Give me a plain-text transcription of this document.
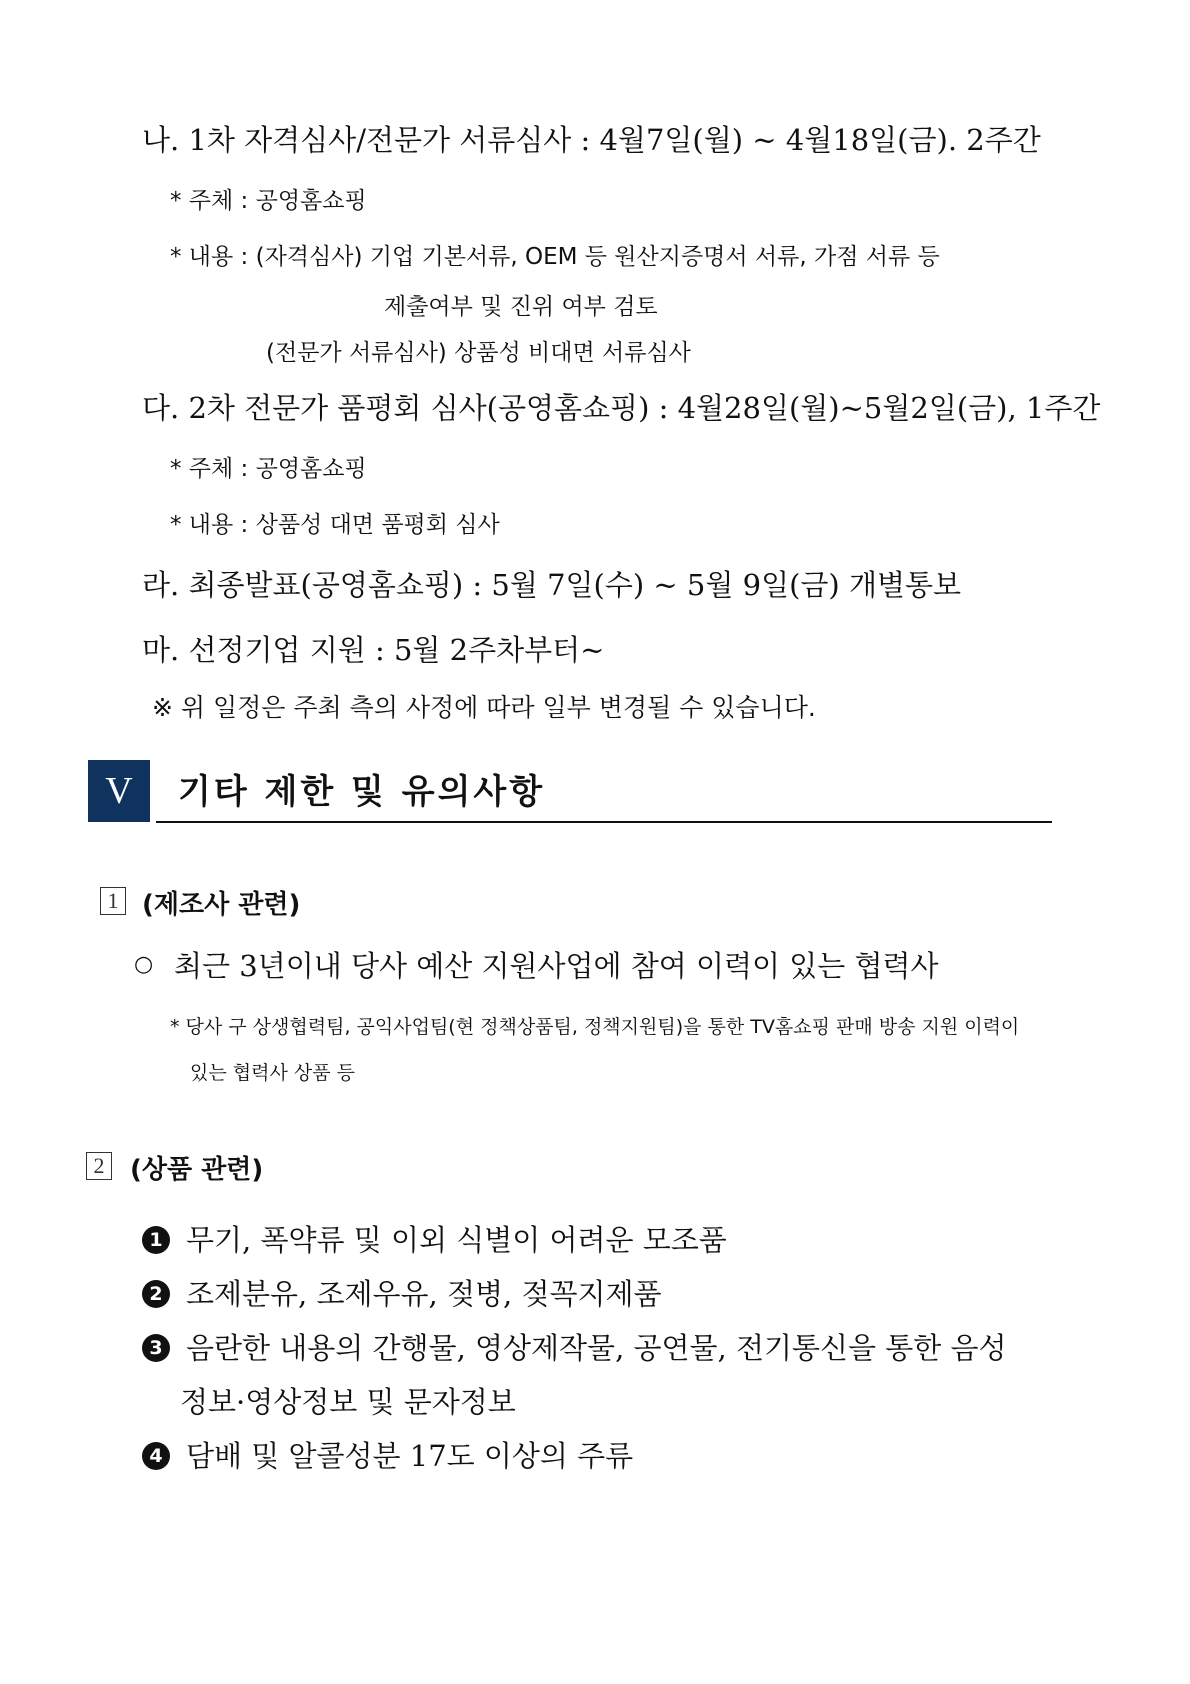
나. 1차 자격심사/전문가 서류심사 : 4월7일(월) ~ 4월18일(금). 2주간
* 주체 : 공영홈쇼핑
* 내용 : (자격심사) 기업 기본서류, OEM 등 원산지증명서 서류, 가점 서류 등
제출여부 및 진위 여부 검토
(전문가 서류심사) 상품성 비대면 서류심사
다. 2차 전문가 품평회 심사(공영홈쇼핑) : 4월28일(월)~5월2일(금), 1주간
* 주체 : 공영홈쇼핑
* 내용 : 상품성 대면 품평회 심사
라. 최종발표(공영홈쇼핑) : 5월 7일(수) ~ 5월 9일(금) 개별통보
마. 선정기업 지원 : 5월 2주차부터~
※ 위 일정은 주최 측의 사정에 따라 일부 변경될 수 있습니다.
V	기타 제한 및 유의사항
1 (제조사 관련)
○ 최근 3년이내 당사 예산 지원사업에 참여 이력이 있는 협력사
* 당사 구 상생협력팀, 공익사업팀(현 정책상품팀, 정책지원팀)을 통한 TV홈쇼핑 판매 방송 지원 이력이
있는 협력사 상품 등
2 (상품 관련)
1 무기, 폭약류 및 이외 식별이 어려운 모조품
2 조제분유, 조제우유, 젖병, 젖꼭지제품
3 음란한 내용의 간행물, 영상제작물, 공연물, 전기통신을 통한 음성
정보·영상정보 및 문자정보
4 담배 및 알콜성분 17도 이상의 주류
